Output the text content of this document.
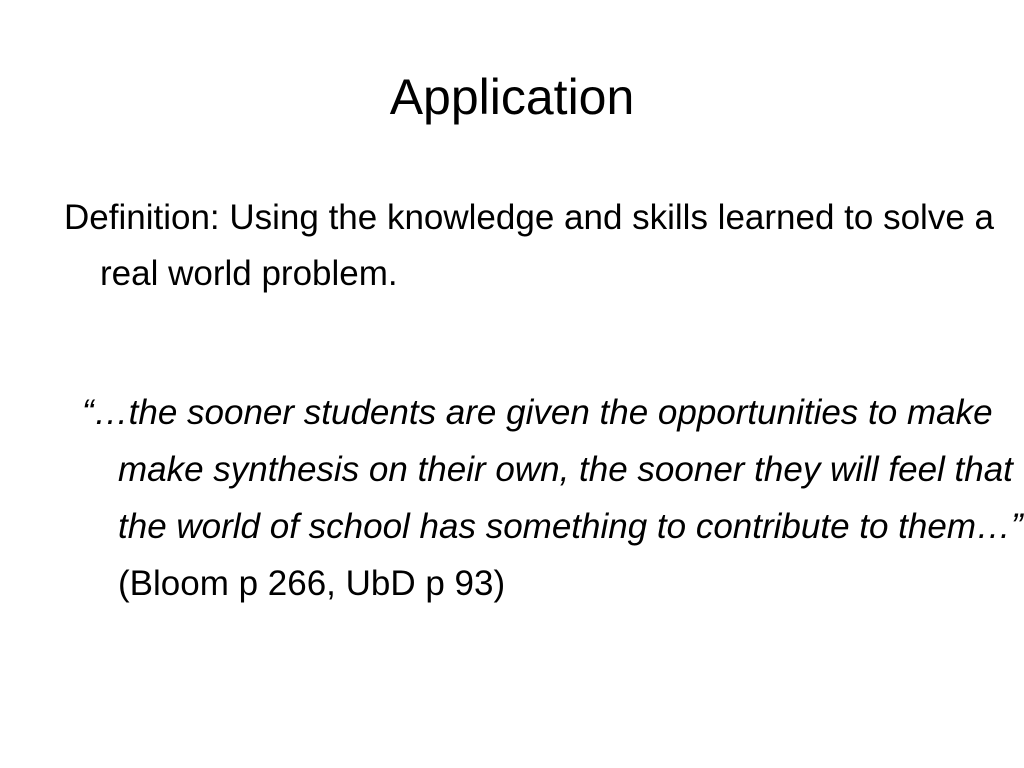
Application
Definition: Using the knowledge and skills learned to solve a real world problem.
“…the sooner students are given the opportunities to make make synthesis on their own, the sooner they will feel that the world of school has something to contribute to them…” (Bloom p 266, UbD p 93)
